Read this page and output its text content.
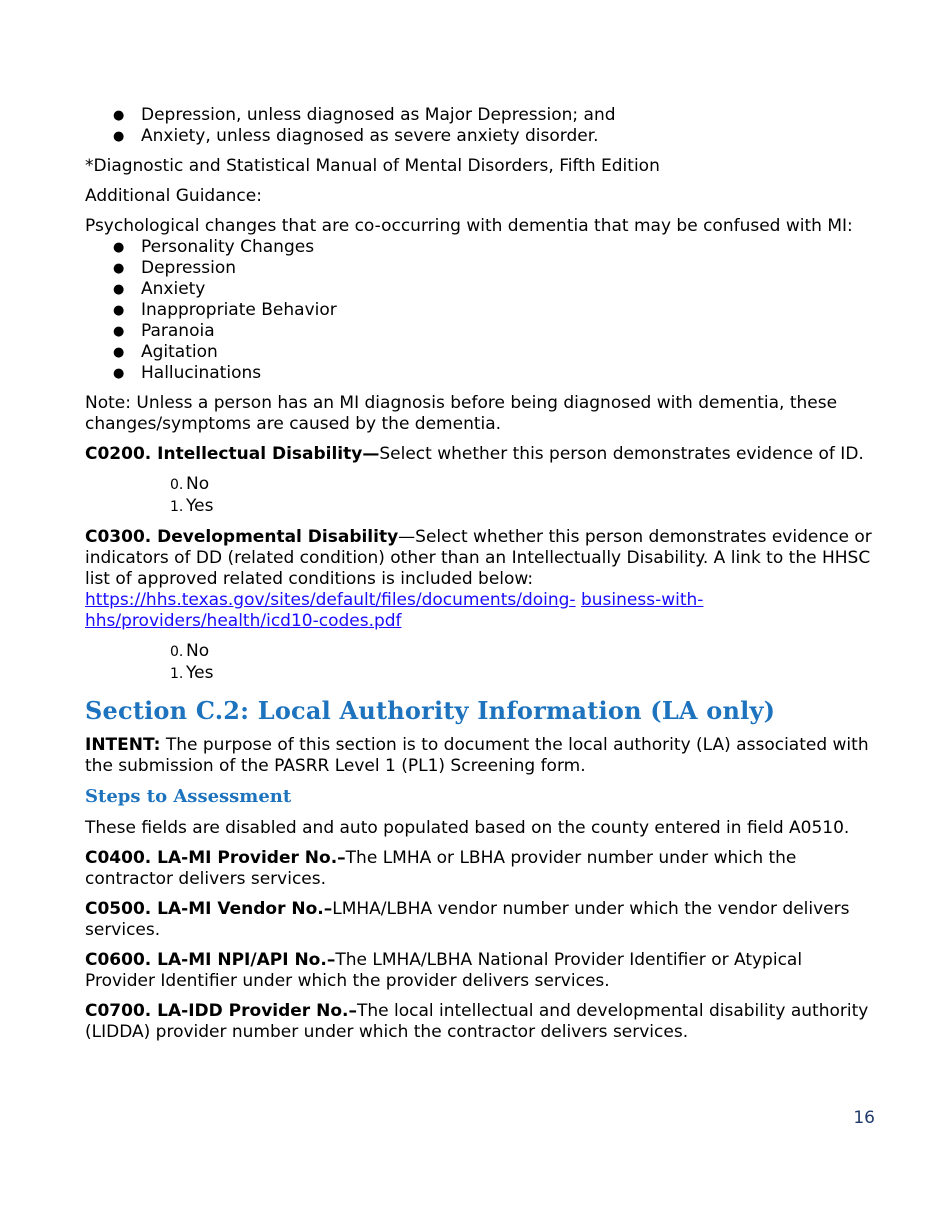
● Depression, unless diagnosed as Major Depression; and
● Anxiety, unless diagnosed as severe anxiety disorder.

*Diagnostic and Statistical Manual of Mental Disorders, Fifth Edition

Additional Guidance:

Psychological changes that are co-occurring with dementia that may be confused with MI:

● Personality Changes
● Depression
● Anxiety
● Inappropriate Behavior
● Paranoia
● Agitation
● Hallucinations

Note: Unless a person has an MI diagnosis before being diagnosed with dementia, these changes/symptoms are caused by the dementia.

C0200. Intellectual Disability—Select whether this person demonstrates evidence of ID.

0. No
1. Yes

C0300. Developmental Disability—Select whether this person demonstrates evidence or indicators of DD (related condition) other than an Intellectually Disability. A link to the HHSC list of approved related conditions is included below:
https://hhs.texas.gov/sites/default/files/documents/doing- business-with-hhs/providers/health/icd10-codes.pdf

0. No
1. Yes
Section C.2: Local Authority Information (LA only)

INTENT: The purpose of this section is to document the local authority (LA) associated with the submission of the PASRR Level 1 (PL1) Screening form.

Steps to Assessment

These fields are disabled and auto populated based on the county entered in field A0510.

C0400. LA-MI Provider No.–The LMHA or LBHA provider number under which the contractor delivers services.

C0500. LA-MI Vendor No.–LMHA/LBHA vendor number under which the vendor delivers services.

C0600. LA-MI NPI/API No.–The LMHA/LBHA National Provider Identifier or Atypical Provider Identifier under which the provider delivers services.

C0700. LA-IDD Provider No.–The local intellectual and developmental disability authority (LIDDA) provider number under which the contractor delivers services.

16
